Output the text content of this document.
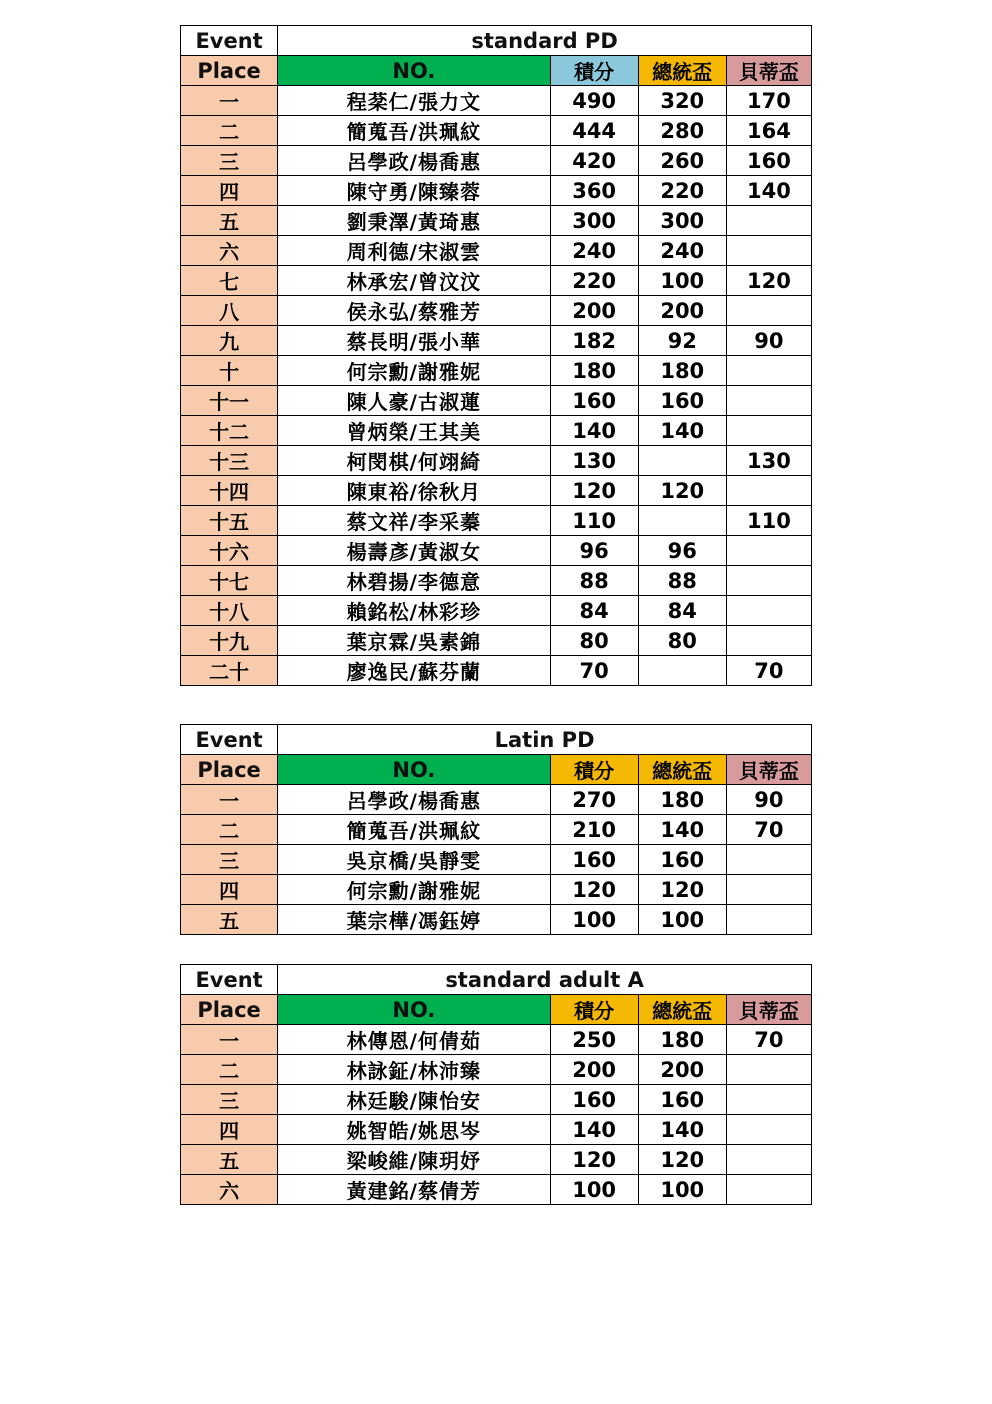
Event	standard PD			
Place	NO.	積分	總統盃	貝蒂盃
一	程棻仁/張力文	490	320	170
二	簡蒐吾/洪珮紋	444	280	164
三	呂學政/楊喬惠	420	260	160
四	陳守勇/陳臻蓉	360	220	140
五	劉秉澤/黃琦惠	300	300	
六	周利德/宋淑雲	240	240	
七	林承宏/曾汶汶	220	100	120
八	侯永弘/蔡雅芳	200	200	
九	蔡長明/張小華	182	92	90
十	何宗勳/謝雅妮	180	180	
十一	陳人豪/古淑蓮	160	160	
十二	曾炳榮/王其美	140	140	
十三	柯閔棋/何翊綺	130		130
十四	陳東裕/徐秋月	120	120	
十五	蔡文祥/李采蓁	110		110
十六	楊壽彥/黃淑女	96	96	
十七	林碧揚/李德意	88	88	
十八	賴銘松/林彩珍	84	84	
十九	葉京霖/吳素錦	80	80	
二十	廖逸民/蘇芬蘭	70		70
Event	Latin PD			
Place	NO.	積分	總統盃	貝蒂盃
一	呂學政/楊喬惠	270	180	90
二	簡蒐吾/洪珮紋	210	140	70
三	吳京橋/吳靜雯	160	160	
四	何宗勳/謝雅妮	120	120	
五	葉宗樺/馮鈺婷	100	100	
Event	standard adult A			
Place	NO.	積分	總統盃	貝蒂盃
一	林傳恩/何倩茹	250	180	70
二	林詠鉦/林沛臻	200	200	
三	林廷駿/陳怡安	160	160	
四	姚智皓/姚思岑	140	140	
五	梁峻維/陳玥妤	120	120	
六	黃建銘/蔡倩芳	100	100	
